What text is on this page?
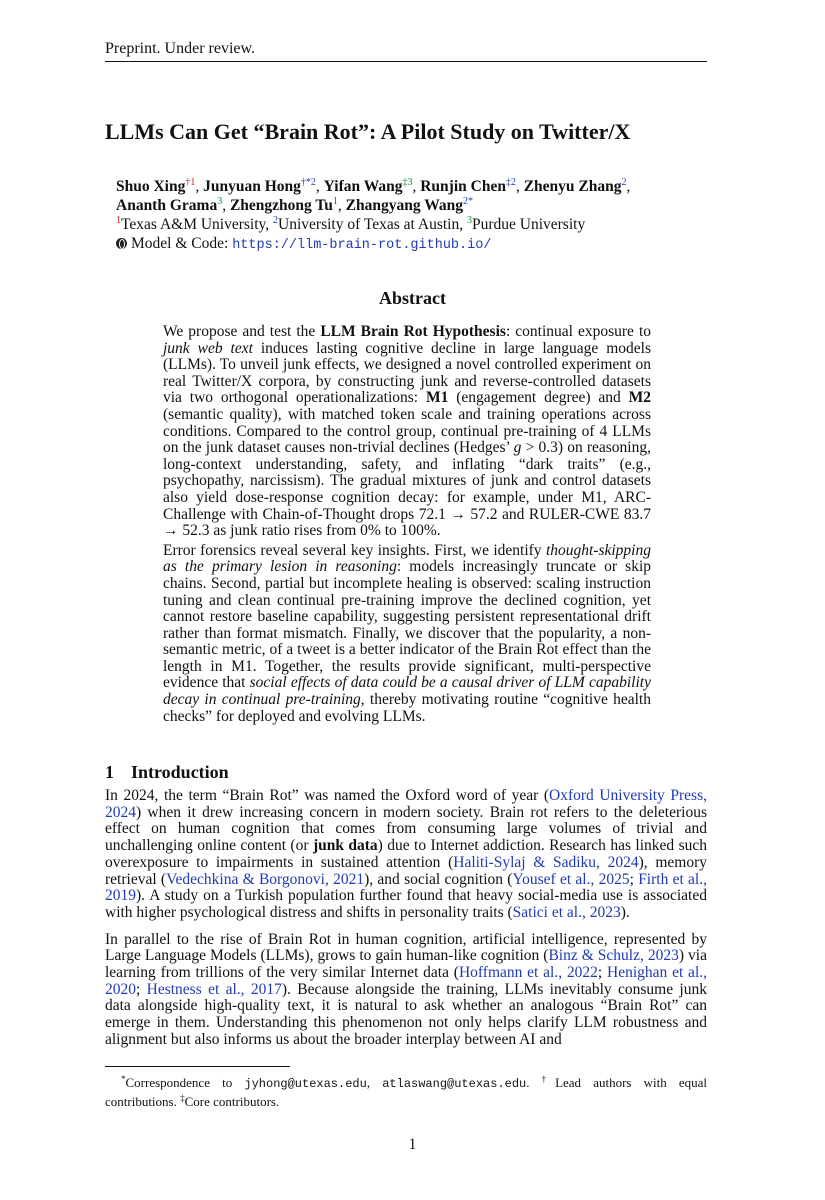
Preprint. Under review.
LLMs Can Get “Brain Rot”: A Pilot Study on Twitter/X
Shuo Xing$^{\dagger 1}$, Junyuan Hong$^{\dagger*2}$, Yifan Wang$^{\ddagger 3}$, Runjin Chen$^{\ddagger 2}$, Zhenyu Zhang$^2$,
Ananth Grama$^3$, Zhengzhong Tu$^1$, Zhangyang Wang$^{2*}$
$^1$Texas A&M University, $^2$University of Texas at Austin, $^3$Purdue University
Model & Code: https://llm-brain-rot.github.io/
Abstract

We propose and test the LLM Brain Rot Hypothesis: continual exposure to junk web text induces lasting cognitive decline in large language models (LLMs). To unveil junk effects, we designed a novel controlled experiment on real Twitter/X corpora, by constructing junk and reverse-controlled datasets via two orthogonal operationalizations: M1 (engagement degree) and M2 (semantic quality), with matched token scale and training operations across conditions. Compared to the control group, continual pre-training of 4 LLMs on the junk dataset causes non-trivial declines (Hedges’ g > 0.3) on reasoning, long-context understanding, safety, and inflating “dark traits” (e.g., psychopathy, narcissism). The gradual mixtures of junk and control datasets also yield dose-response cognition decay: for example, under M1, ARC-Challenge with Chain-of-Thought drops 72.1 → 57.2 and RULER-CWE 83.7 → 52.3 as junk ratio rises from 0% to 100%.

Error forensics reveal several key insights. First, we identify thought-skipping as the primary lesion in reasoning: models increasingly truncate or skip chains. Second, partial but incomplete healing is observed: scaling instruction tuning and clean continual pre-training improve the declined cognition, yet cannot restore baseline capability, suggesting persistent representational drift rather than format mismatch. Finally, we discover that the popularity, a non-semantic metric, of a tweet is a better indicator of the Brain Rot effect than the length in M1. Together, the results provide significant, multi-perspective evidence that social effects of data could be a causal driver of LLM capability decay in continual pre-training, thereby motivating routine “cognitive health checks” for deployed and evolving LLMs.

1 Introduction

In 2024, the term “Brain Rot” was named the Oxford word of year (Oxford University Press, 2024) when it drew increasing concern in modern society. Brain rot refers to the deleterious effect on human cognition that comes from consuming large volumes of trivial and unchallenging online content (or junk data) due to Internet addiction. Research has linked such overexposure to impairments in sustained attention (Haliti-Sylaj & Sadiku, 2024), memory retrieval (Vedechkina & Borgonovi, 2021), and social cognition (Yousef et al., 2025; Firth et al., 2019). A study on a Turkish population further found that heavy social-media use is associated with higher psychological distress and shifts in personality traits (Satici et al., 2023).

In parallel to the rise of Brain Rot in human cognition, artificial intelligence, represented by Large Language Models (LLMs), grows to gain human-like cognition (Binz & Schulz, 2023) via learning from trillions of the very similar Internet data (Hoffmann et al., 2022; Henighan et al., 2020; Hestness et al., 2017). Because alongside the training, LLMs inevitably consume junk data alongside high-quality text, it is natural to ask whether an analogous “Brain Rot” can emerge in them. Understanding this phenomenon not only helps clarify LLM robustness and alignment but also informs us about the broader interplay between AI and

*Correspondence to jyhong@utexas.edu, atlaswang@utexas.edu. †Lead authors with equal contributions. ‡Core contributors.
1
